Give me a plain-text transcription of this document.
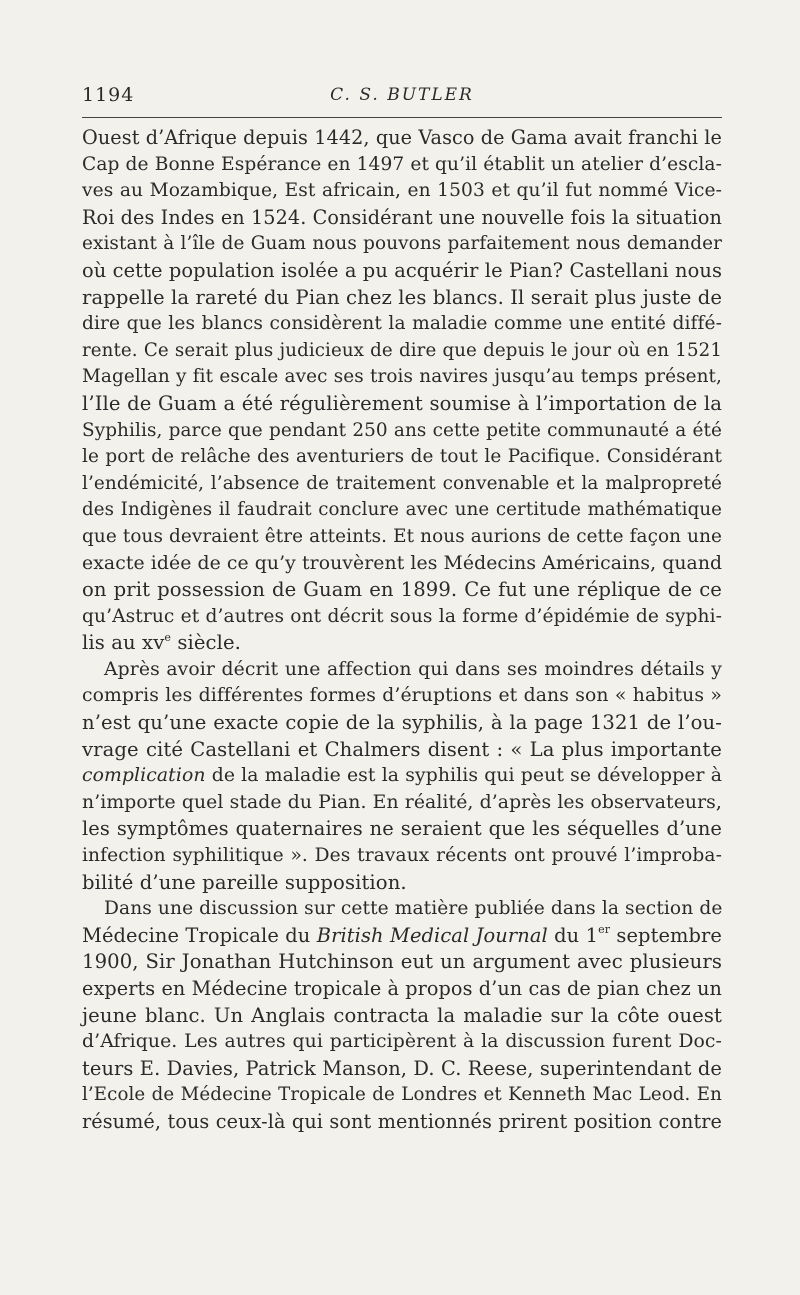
1194	C. S. BUTLER
Ouest d’Afrique depuis 1442, que Vasco de Gama avait franchi le
Cap de Bonne Espérance en 1497 et qu’il établit un atelier d’escla-
ves au Mozambique, Est africain, en 1503 et qu’il fut nommé Vice-
Roi des Indes en 1524. Considérant une nouvelle fois la situation
existant à l’île de Guam nous pouvons parfaitement nous demander
où cette population isolée a pu acquérir le Pian? Castellani nous
rappelle la rareté du Pian chez les blancs. Il serait plus juste de
dire que les blancs considèrent la maladie comme une entité diffé-
rente. Ce serait plus judicieux de dire que depuis le jour où en 1521
Magellan y fit escale avec ses trois navires jusqu’au temps présent,
l’Ile de Guam a été régulièrement soumise à l’importation de la
Syphilis, parce que pendant 250 ans cette petite communauté a été
le port de relâche des aventuriers de tout le Pacifique. Considérant
l’endémicité, l’absence de traitement convenable et la malpropreté
des Indigènes il faudrait conclure avec une certitude mathématique
que tous devraient être atteints. Et nous aurions de cette façon une
exacte idée de ce qu’y trouvèrent les Médecins Américains, quand
on prit possession de Guam en 1899. Ce fut une réplique de ce
qu’Astruc et d’autres ont décrit sous la forme d’épidémie de syphi-
lis au $xv^e$ siècle.
Après avoir décrit une affection qui dans ses moindres détails y
compris les différentes formes d’éruptions et dans son « habitus »
n’est qu’une exacte copie de la syphilis, à la page 1321 de l’ou-
vrage cité Castellani et Chalmers disent : « La plus importante
complication de la maladie est la syphilis qui peut se développer à
n’importe quel stade du Pian. En réalité, d’après les observateurs,
les symptômes quaternaires ne seraient que les séquelles d’une
infection syphilitique ». Des travaux récents ont prouvé l’improba-
bilité d’une pareille supposition.
Dans une discussion sur cette matière publiée dans la section de
Médecine Tropicale du British Medical Journal du 1er septembre
1900, Sir Jonathan Hutchinson eut un argument avec plusieurs
experts en Médecine tropicale à propos d’un cas de pian chez un
jeune blanc. Un Anglais contracta la maladie sur la côte ouest
d’Afrique. Les autres qui participèrent à la discussion furent Doc-
teurs E. Davies, Patrick Manson, D. C. Reese, superintendant de
l’Ecole de Médecine Tropicale de Londres et Kenneth Mac Leod. En
résumé, tous ceux-là qui sont mentionnés prirent position contre
